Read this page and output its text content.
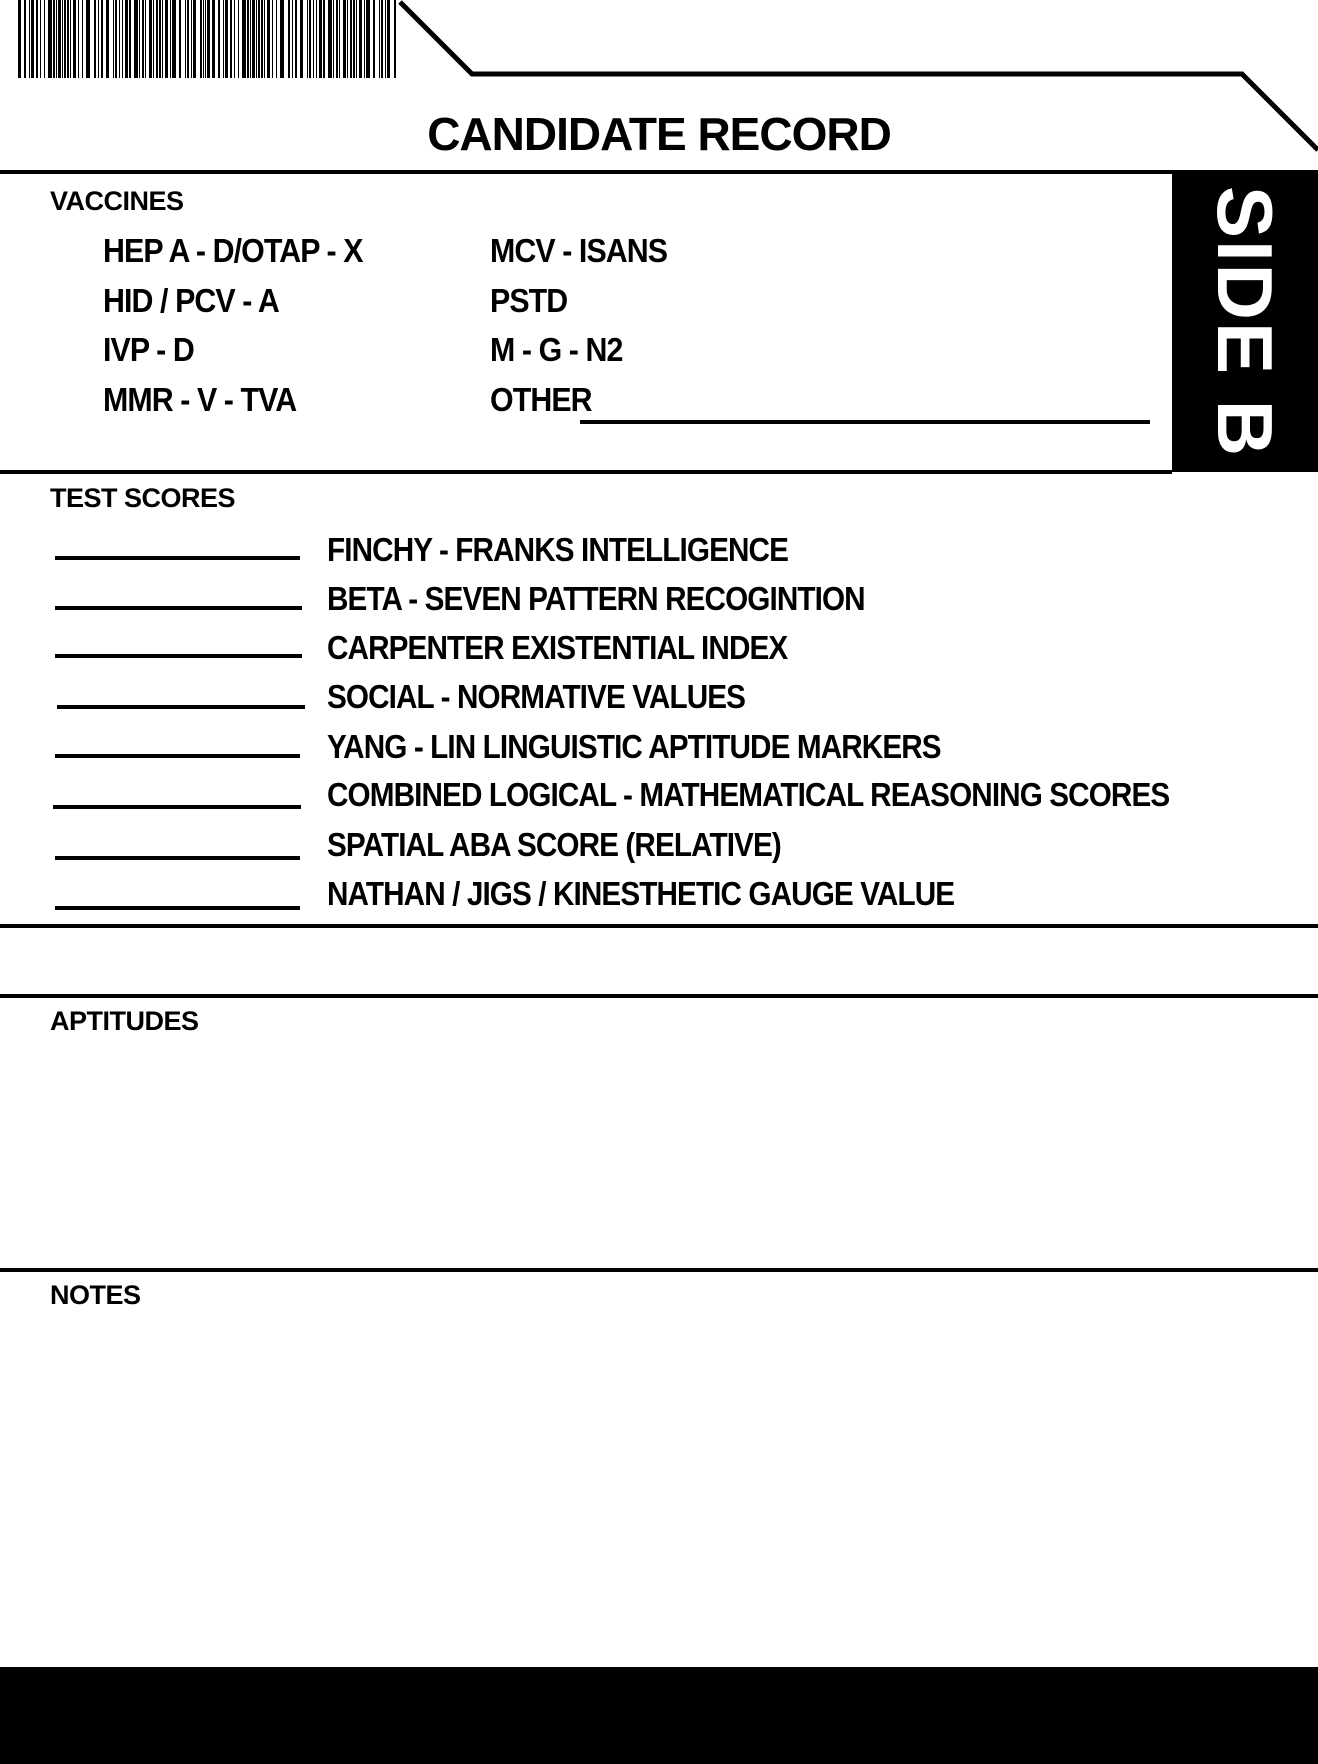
CANDIDATE RECORD
SIDE B
VACCINES
HEP A - D/OTAP - X
HID / PCV - A
IVP - D
MMR - V - TVA
MCV - ISANS
PSTD
M - G - N2
OTHER
TEST SCORES
FINCHY - FRANKS INTELLIGENCE
BETA - SEVEN PATTERN RECOGINTION
CARPENTER EXISTENTIAL INDEX
SOCIAL - NORMATIVE VALUES
YANG - LIN LINGUISTIC APTITUDE MARKERS
COMBINED LOGICAL - MATHEMATICAL REASONING SCORES
SPATIAL ABA SCORE (RELATIVE)
NATHAN / JIGS / KINESTHETIC GAUGE VALUE
APTITUDES
NOTES
